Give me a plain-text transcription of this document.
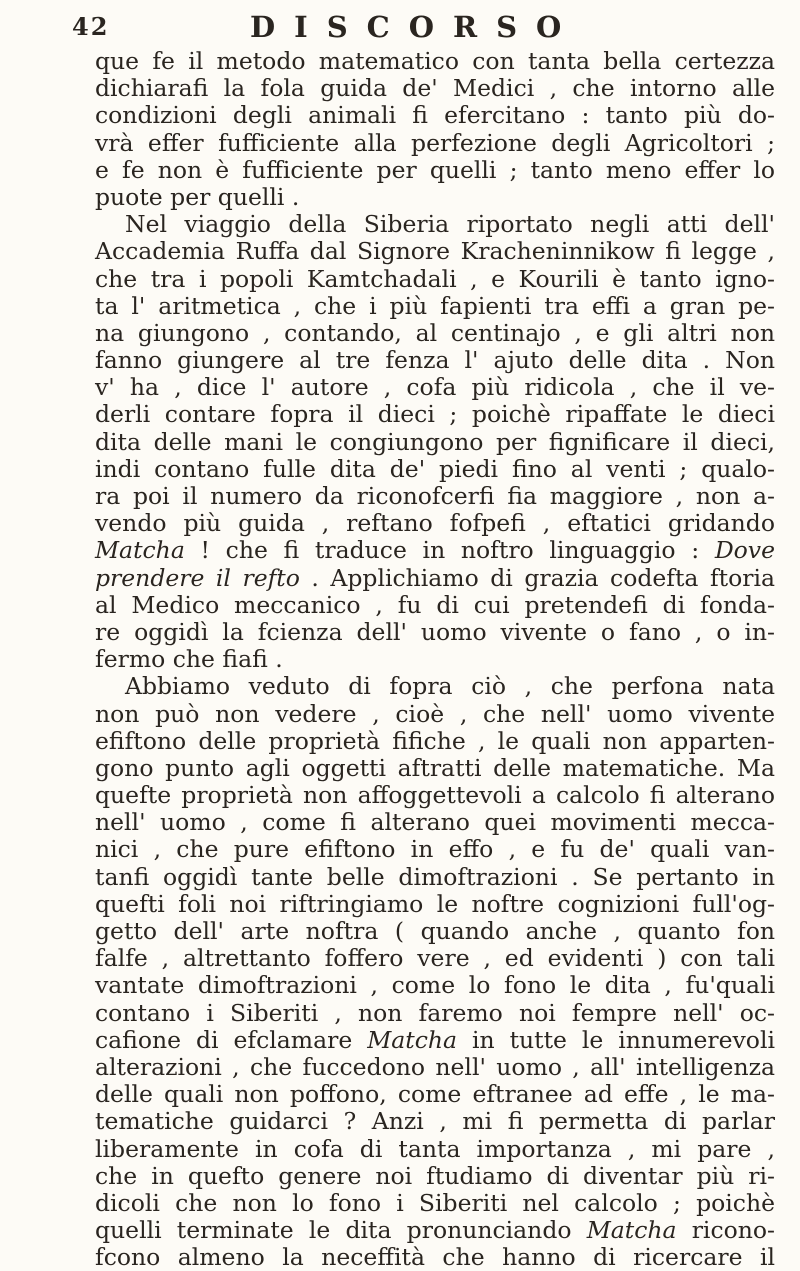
42	DISCORSO
que fe il metodo matematico con tanta bella certezza
dichiarafi la fola guida de' Medici , che intorno alle
condizioni degli animali fi efercitano : tanto più do-
vrà effer fufficiente alla perfezione degli Agricoltori ;
e fe non è fufficiente per quelli ; tanto meno effer lo
puote per quelli .
Nel viaggio della Siberia riportato negli atti dell'
Accademia Ruffa dal Signore Kracheninnikow fi legge ,
che tra i popoli Kamtchadali , e Kourili è tanto igno-
ta l' aritmetica , che i più fapienti tra effi a gran pe-
na giungono , contando, al centinajo , e gli altri non
fanno giungere al tre fenza l' ajuto delle dita . Non
v' ha , dice l' autore , cofa più ridicola , che il ve-
derli contare fopra il dieci ; poichè ripaffate le dieci
dita delle mani le congiungono per fignificare il dieci,
indi contano fulle dita de' piedi fino al venti ; qualo-
ra poi il numero da riconofcerfi fia maggiore , non a-
vendo più guida , reftano fofpefi , eftatici gridando
Matcha ! che fi traduce in noftro linguaggio : Dove
prendere il refto . Applichiamo di grazia codefta ftoria
al Medico meccanico , fu di cui pretendefi di fonda-
re oggidì la fcienza dell' uomo vivente o fano , o in-
fermo che fiafi .
Abbiamo veduto di fopra ciò , che perfona nata
non può non vedere , cioè , che nell' uomo vivente
efiftono delle proprietà fifiche , le quali non apparten-
gono punto agli oggetti aftratti delle matematiche. Ma
quefte proprietà non affoggettevoli a calcolo fi alterano
nell' uomo , come fi alterano quei movimenti mecca-
nici , che pure efiftono in effo , e fu de' quali van-
tanfi oggidì tante belle dimoftrazioni . Se pertanto in
quefti foli noi riftringiamo le noftre cognizioni full'og-
getto dell' arte noftra ( quando anche , quanto fon
falfe , altrettanto foffero vere , ed evidenti ) con tali
vantate dimoftrazioni , come lo fono le dita , fu'quali
contano i Siberiti , non faremo noi fempre nell' oc-
cafione di efclamare Matcha in tutte le innumerevoli
alterazioni , che fuccedono nell' uomo , all' intelligenza
delle quali non poffono, come eftranee ad effe , le ma-
tematiche guidarci ? Anzi , mi fi permetta di parlar
liberamente in cofa di tanta importanza , mi pare ,
che in quefto genere noi ftudiamo di diventar più ri-
dicoli che non lo fono i Siberiti nel calcolo ; poichè
quelli terminate le dita pronunciando Matcha ricono-
fcono almeno la neceffità che hanno di ricercare il
